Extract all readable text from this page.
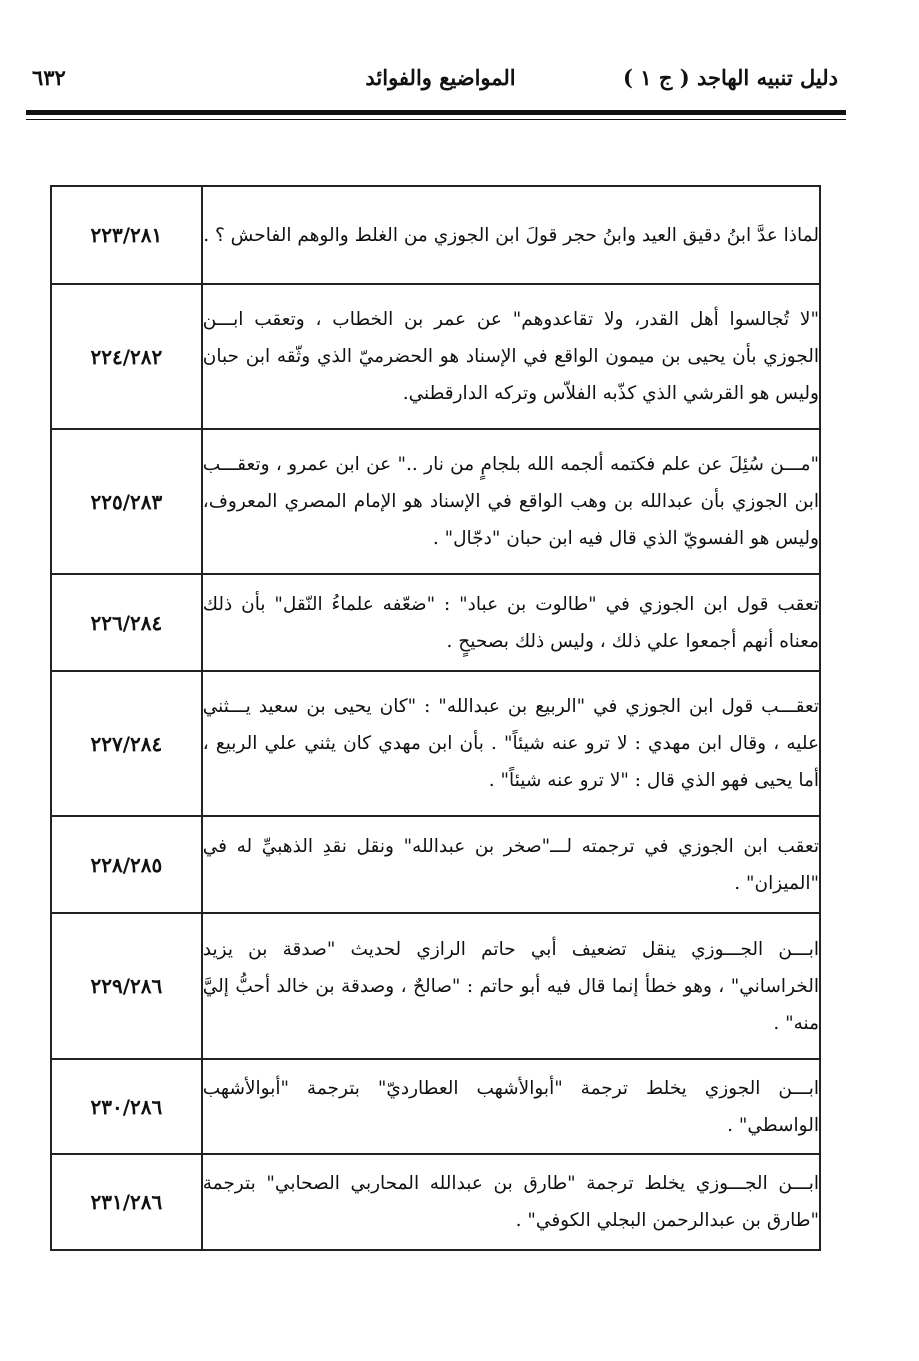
دليل تنبيه الهاجد ( ج ١ )
المواضيع والفوائد
٦٣٢
لماذا عدَّ ابنُ دقيق العيد وابنُ حجر قولَ ابن الجوزي من الغلط والوهم الفاحش ؟ .	٢٢٣/٢٨١
"لا تُجالسوا أهل القدر، ولا تقاعدوهم" عن عمر بن الخطاب ، وتعقب ابـــن الجوزي بأن يحيى بن ميمون الواقع في الإسناد هو الحضرميّ الذي وثّقه ابن حبان وليس هو القرشي الذي كذّبه الفلاّس وتركه الدارقطني.	٢٢٤/٢٨٢
"مـــن سُئِلَ عن علم فكتمه ألجمه الله بلجامٍ من نار .." عن ابن عمرو ، وتعقـــب ابن الجوزي بأن عبدالله بن وهب الواقع في الإسناد هو الإمام المصري المعروف، وليس هو الفسويّ الذي قال فيه ابن حبان "دجّال" .	٢٢٥/٢٨٣
تعقب قول ابن الجوزي في "طالوت بن عباد" : "ضعّفه علماءُ النّقل" بأن ذلك معناه أنهم أجمعوا علي ذلك ، وليس ذلك بصحيحٍ .	٢٢٦/٢٨٤
تعقـــب قول ابن الجوزي في "الربيع بن عبدالله" : "كان يحيى بن سعيد يـــثني عليه ، وقال ابن مهدي : لا ترو عنه شيئاً" . بأن ابن مهدي كان يثني علي الربيع ، أما يحيى فهو الذي قال : "لا ترو عنه شيئاً" .	٢٢٧/٢٨٤
تعقب ابن الجوزي في ترجمته لـــ"صخر بن عبدالله" ونقل نقدِ الذهبيِّ له في "الميزان" .	٢٢٨/٢٨٥
ابـــن الجـــوزي ينقل تضعيف أبي حاتم الرازي لحديث "صدقة بن يزيد الخراساني" ، وهو خطأ إنما قال فيه أبو حاتم : "صالحٌ ، وصدقة بن خالد أحبُّ إليَّ منه" .	٢٢٩/٢٨٦
ابـــن الجوزي يخلط ترجمة "أبوالأشهب العطارديّ" بترجمة "أبوالأشهب الواسطي" .	٢٣٠/٢٨٦
ابـــن الجـــوزي يخلط ترجمة "طارق بن عبدالله المحاربي الصحابي" بترجمة "طارق بن عبدالرحمن البجلي الكوفي" .	٢٣١/٢٨٦
